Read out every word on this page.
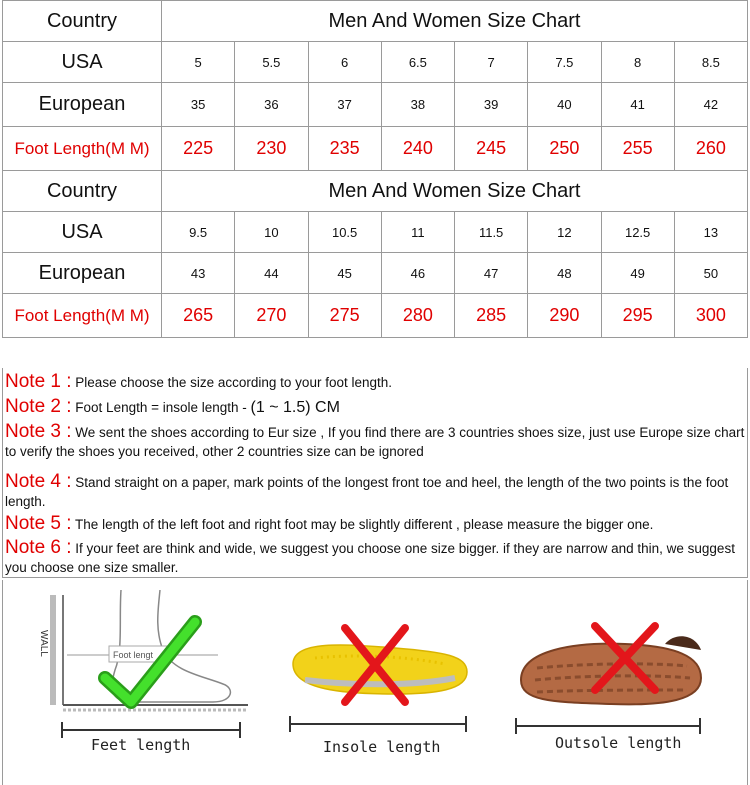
Country	Men And Women Size Chart							
USA	5	5.5	6	6.5	7	7.5	8	8.5
European	35	36	37	38	39	40	41	42
Foot Length(M M)	225	230	235	240	245	250	255	260
Country	Men And Women Size Chart							
USA	9.5	10	10.5	11	11.5	12	12.5	13
European	43	44	45	46	47	48	49	50
Foot Length(M M)	265	270	275	280	285	290	295	300
Note 1 : Please choose the size according to your foot length.
Note 2 : Foot Length = insole length - (1 ~ 1.5) CM
Note 3 : We sent the shoes according to Eur size , If you find there are 3 countries shoes size, just use Europe size chart to verify the shoes you received, other 2 countries size can be ignored
Note 4 : Stand straight on a paper, mark points of the longest front toe and heel, the length of the two points is the foot length.
Note 5 : The length of the left foot and right foot may be slightly different , please measure the bigger one.
Note 6 : If your feet are think and wide, we suggest you choose one size bigger. if they are narrow and thin, we suggest you choose one size smaller.
WALL	Foot lengt
Feet length	Insole length	Outsole length
